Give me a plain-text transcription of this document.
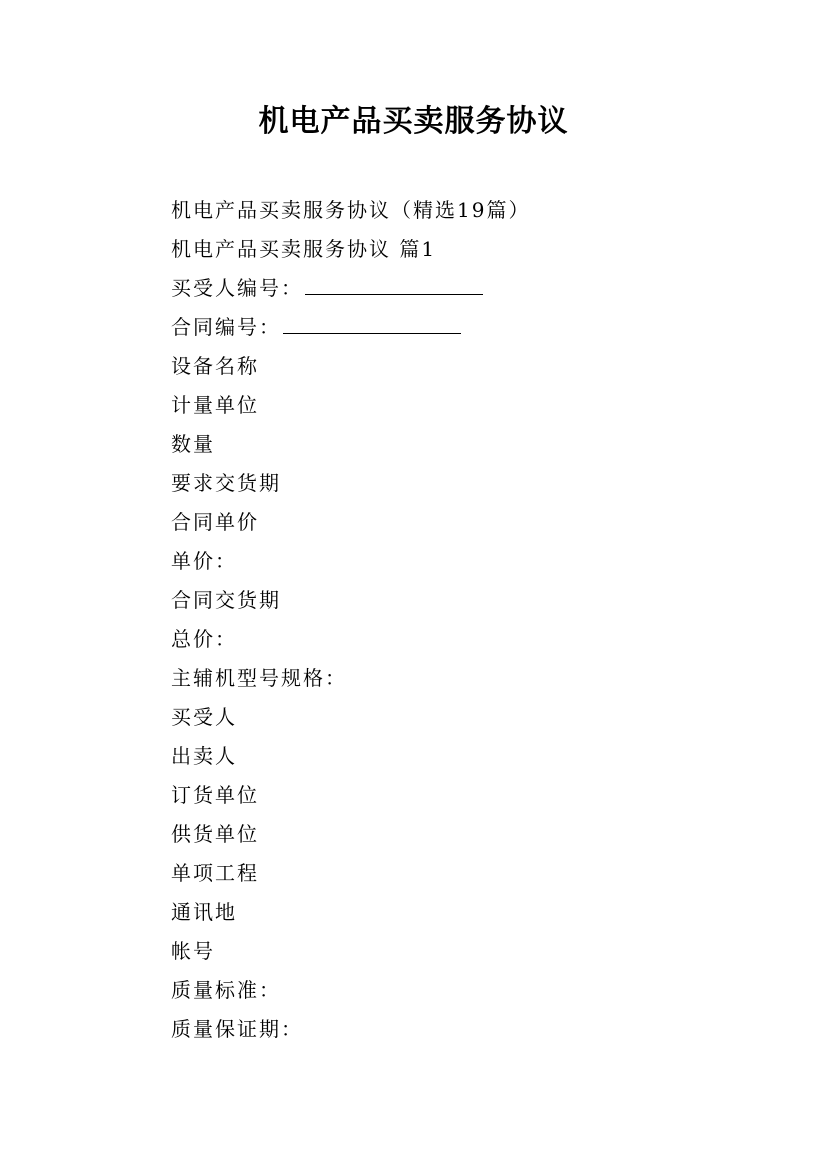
机电产品买卖服务协议
机电产品买卖服务协议（精选19篇）
机电产品买卖服务协议 篇1
买受人编号：
合同编号：
设备名称
计量单位
数量
要求交货期
合同单价
单价：
合同交货期
总价：
主辅机型号规格：
买受人
出卖人
订货单位
供货单位
单项工程
通讯地
帐号
质量标准：
质量保证期：
